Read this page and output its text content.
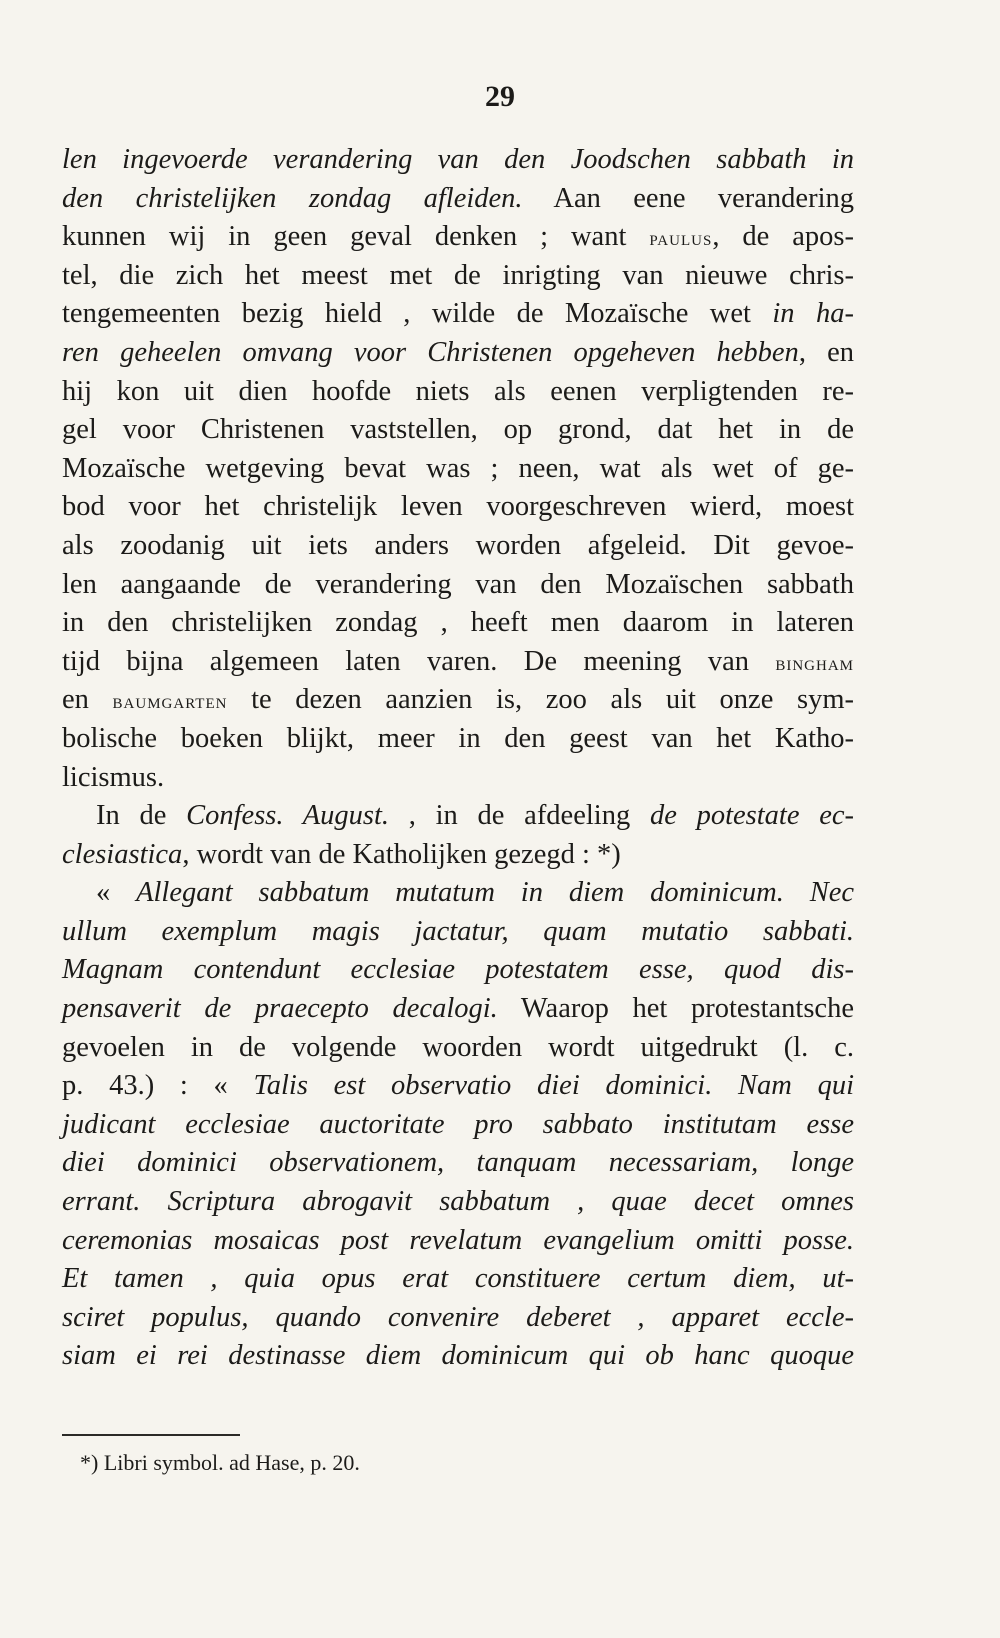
29
len ingevoerde verandering van den Joodschen sabbath in
den christelijken zondag afleiden. Aan eene verandering
kunnen wij in geen geval denken ; want paulus, de apos-
tel, die zich het meest met de inrigting van nieuwe chris-
tengemeenten bezig hield , wilde de Mozaïsche wet in ha-
ren geheelen omvang voor Christenen opgeheven hebben, en
hij kon uit dien hoofde niets als eenen verpligtenden re-
gel voor Christenen vaststellen, op grond, dat het in de
Mozaïsche wetgeving bevat was ; neen, wat als wet of ge-
bod voor het christelijk leven voorgeschreven wierd, moest
als zoodanig uit iets anders worden afgeleid. Dit gevoe-
len aangaande de verandering van den Mozaïschen sabbath
in den christelijken zondag , heeft men daarom in lateren
tijd bijna algemeen laten varen. De meening van bingham
en baumgarten te dezen aanzien is, zoo als uit onze sym-
bolische boeken blijkt, meer in den geest van het Katho-
licismus.
In de Confess. August. , in de afdeeling de potestate ec-
clesiastica, wordt van de Katholijken gezegd : *)
« Allegant sabbatum mutatum in diem dominicum. Nec
ullum exemplum magis jactatur, quam mutatio sabbati.
Magnam contendunt ecclesiae potestatem esse, quod dis-
pensaverit de praecepto decalogi. Waarop het protestantsche
gevoelen in de volgende woorden wordt uitgedrukt (l. c.
p. 43.) : « Talis est observatio diei dominici. Nam qui
judicant ecclesiae auctoritate pro sabbato institutam esse
diei dominici observationem, tanquam necessariam, longe
errant. Scriptura abrogavit sabbatum , quae decet omnes
ceremonias mosaicas post revelatum evangelium omitti posse.
Et tamen , quia opus erat constituere certum diem, ut-
sciret populus, quando convenire deberet , apparet eccle-
siam ei rei destinasse diem dominicum qui ob hanc quoque
*) Libri symbol. ad Hase, p. 20.
